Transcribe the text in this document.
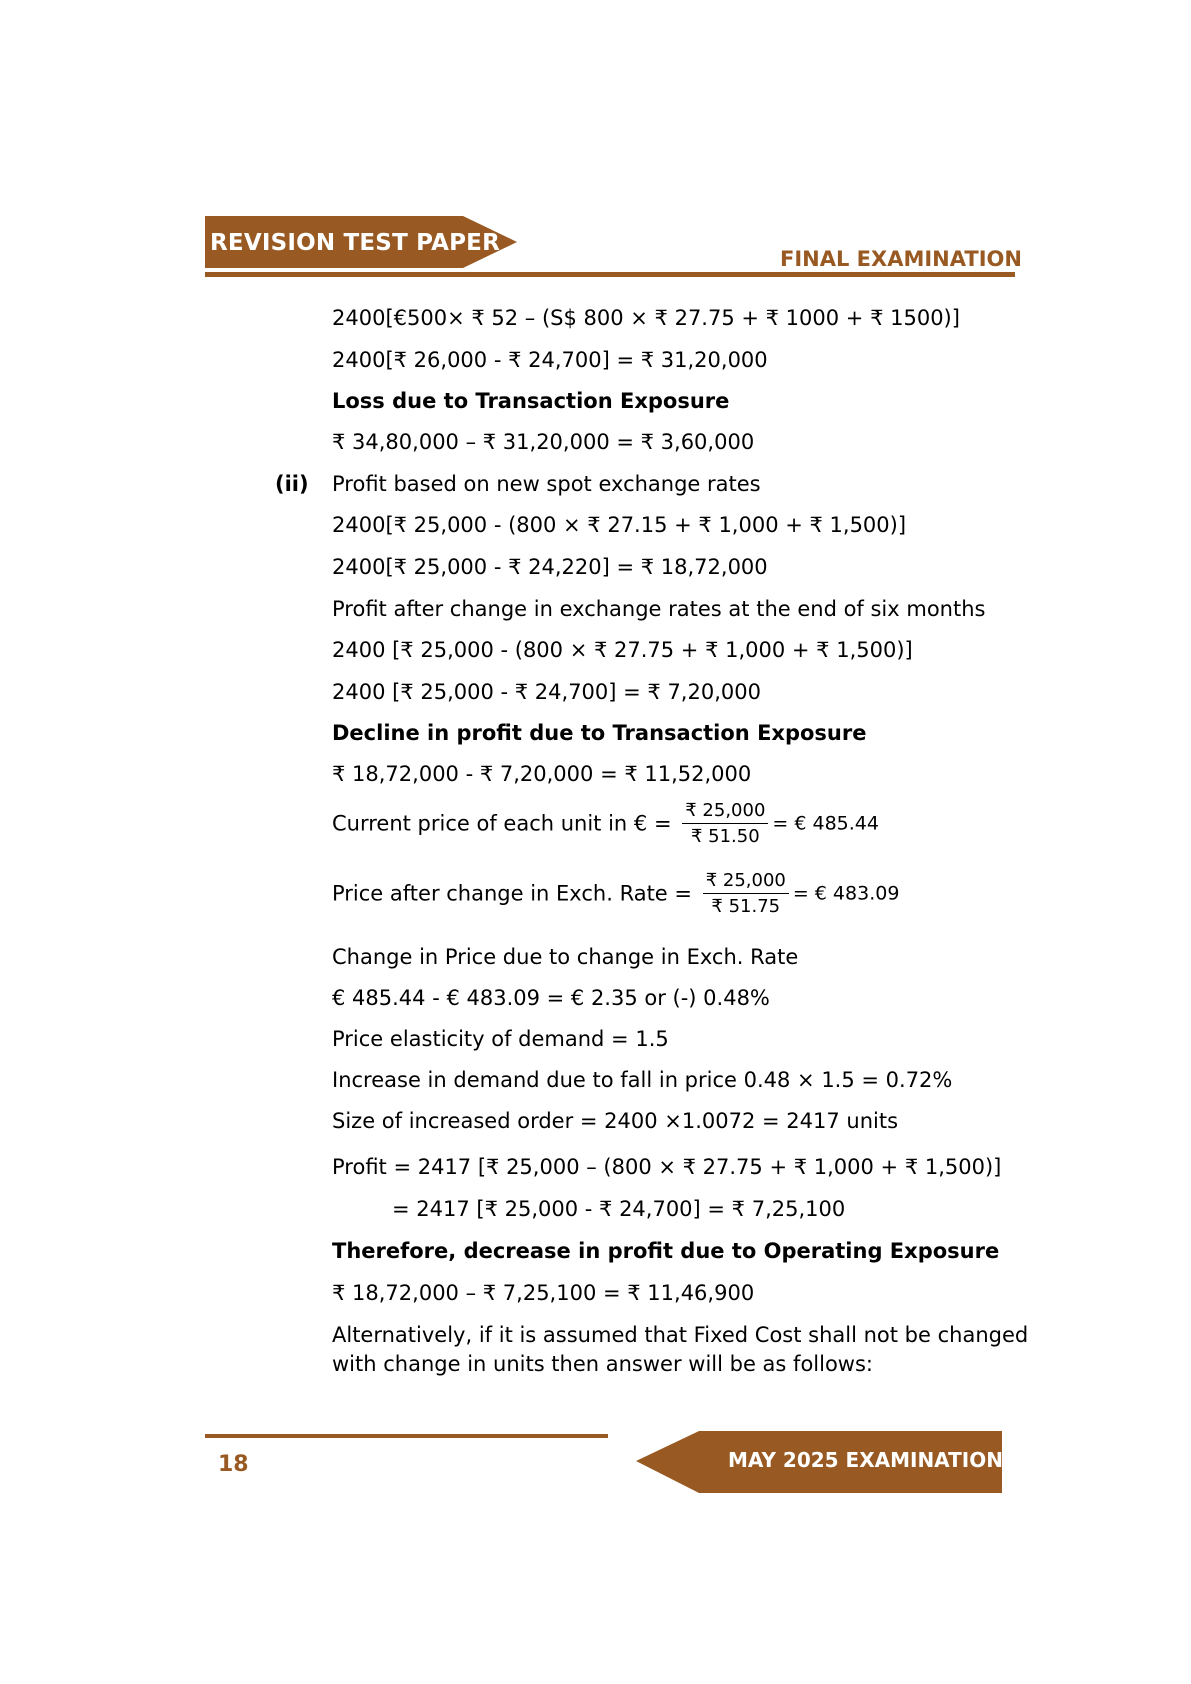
REVISION TEST PAPER
FINAL EXAMINATION
2400[€500× ₹ 52 – (S$ 800 × ₹ 27.75 + ₹ 1000 + ₹ 1500)]
2400[₹ 26,000 - ₹ 24,700] = ₹ 31,20,000
Loss due to Transaction Exposure
₹ 34,80,000 – ₹ 31,20,000 = ₹ 3,60,000
(ii) Profit based on new spot exchange rates
2400[₹ 25,000 - (800 × ₹ 27.15 + ₹ 1,000 + ₹ 1,500)]
2400[₹ 25,000 - ₹ 24,220] = ₹ 18,72,000
Profit after change in exchange rates at the end of six months
2400 [₹ 25,000 - (800 × ₹ 27.75 + ₹ 1,000 + ₹ 1,500)]
2400 [₹ 25,000 - ₹ 24,700] = ₹ 7,20,000
Decline in profit due to Transaction Exposure
₹ 18,72,000 - ₹ 7,20,000 = ₹ 11,52,000
Current price of each unit in € = $\frac{₹ 25,000}{₹ 51.50}$ = € 485.44
Price after change in Exch. Rate = $\frac{₹ 25,000}{₹ 51.75}$ = € 483.09
Change in Price due to change in Exch. Rate
€ 485.44 - € 483.09 = € 2.35 or (-) 0.48%
Price elasticity of demand = 1.5
Increase in demand due to fall in price 0.48 × 1.5 = 0.72%
Size of increased order = 2400 ×1.0072 = 2417 units
Profit = 2417 [₹ 25,000 – (800 × ₹ 27.75 + ₹ 1,000 + ₹ 1,500)]
= 2417 [₹ 25,000 - ₹ 24,700] = ₹ 7,25,100
Therefore, decrease in profit due to Operating Exposure
₹ 18,72,000 – ₹ 7,25,100 = ₹ 11,46,900
Alternatively, if it is assumed that Fixed Cost shall not be changed
with change in units then answer will be as follows:
18	MAY 2025 EXAMINATION
